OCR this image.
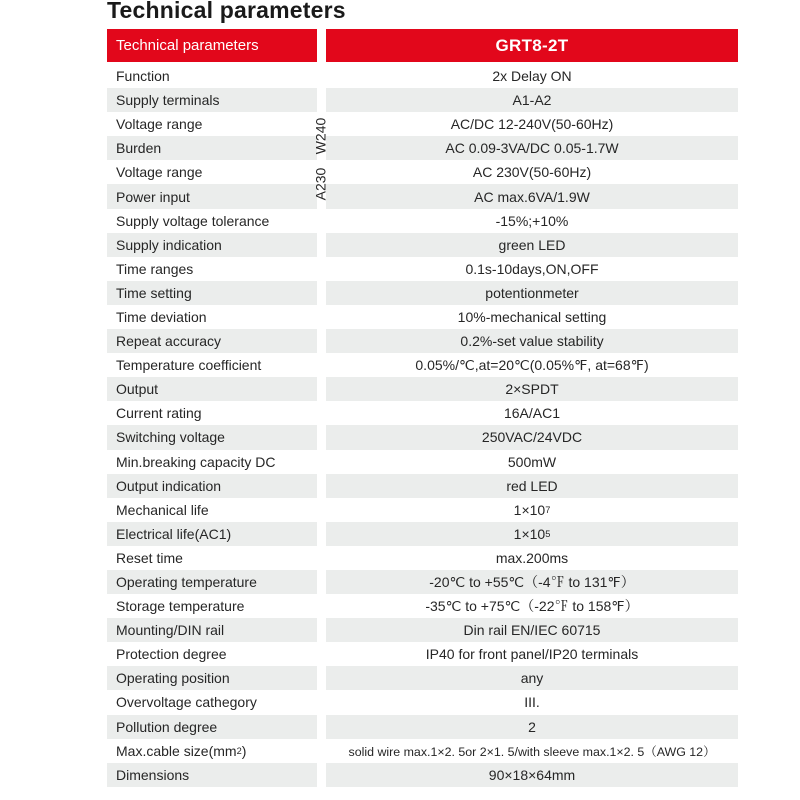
Technical parameters
Technical parameters	GRT8-2T
Function	2x Delay ON
Supply terminals	A1-A2
Voltage range	AC/DC 12-240V(50-60Hz)
Burden	AC 0.09-3VA/DC 0.05-1.7W
Voltage range	AC 230V(50-60Hz)
Power input	AC max.6VA/1.9W
Supply voltage tolerance	-15%;+10%
Supply indication	green LED
Time ranges	0.1s-10days,ON,OFF
Time setting	potentionmeter
Time deviation	10%-mechanical setting
Repeat accuracy	0.2%-set value stability
Temperature coefficient	0.05%/℃,at=20℃(0.05%℉, at=68℉)
Output	2×SPDT
Current rating	16A/AC1
Switching voltage	250VAC/24VDC
Min.breaking capacity DC	500mW
Output indication	red LED
Mechanical life	1×10 7
Electrical life(AC1)	1×10 5
Reset time	max.200ms
Operating temperature	-20℃ to +55℃（-4℉ to 131℉）
Storage temperature	-35℃ to +75℃（-22℉ to 158℉）
Mounting/DIN rail	Din rail EN/IEC 60715
Protection degree	IP40 for front panel/IP20 terminals
Operating position	any
Overvoltage cathegory	III.
Pollution degree	2
Max.cable size(mm 2 )	solid wire max.1×2. 5or 2×1. 5/with sleeve max.1×2. 5（AWG 12）
Dimensions	90×18×64mm
W240
A230
